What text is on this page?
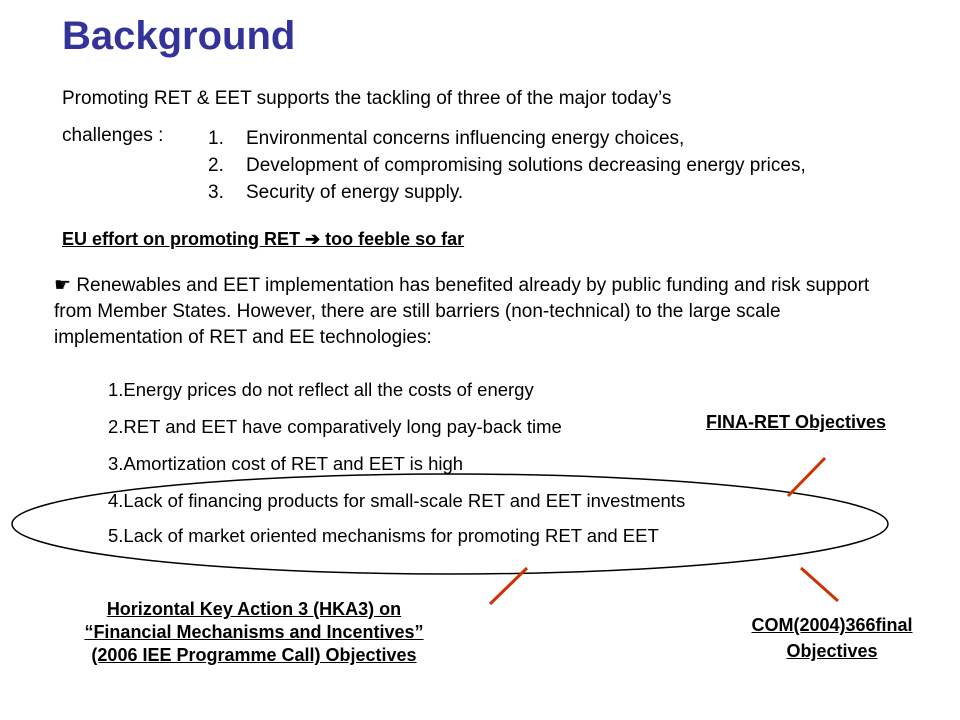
Background
Promoting RET & EET supports the tackling of three of the major today’s
challenges : 1. Environmental concerns influencing energy choices,
2. Development of compromising solutions decreasing energy prices,
3. Security of energy supply.
EU effort on promoting RET ➔ too feeble so far
☛ Renewables and EET implementation has benefited already by public funding and risk support from Member States. However, there are still barriers (non-technical) to the large scale implementation of RET and EE technologies:
1.Energy prices do not reflect all the costs of energy
2.RET and EET have comparatively long pay-back time
3.Amortization cost of RET and EET is high
4.Lack of financing products for small-scale RET and EET investments
5.Lack of market oriented mechanisms for promoting RET and EET
FINA-RET Objectives
Horizontal Key Action 3 (HKA3) on
“Financial Mechanisms and Incentives”
(2006 IEE Programme Call) Objectives
COM(2004)366final
Objectives
